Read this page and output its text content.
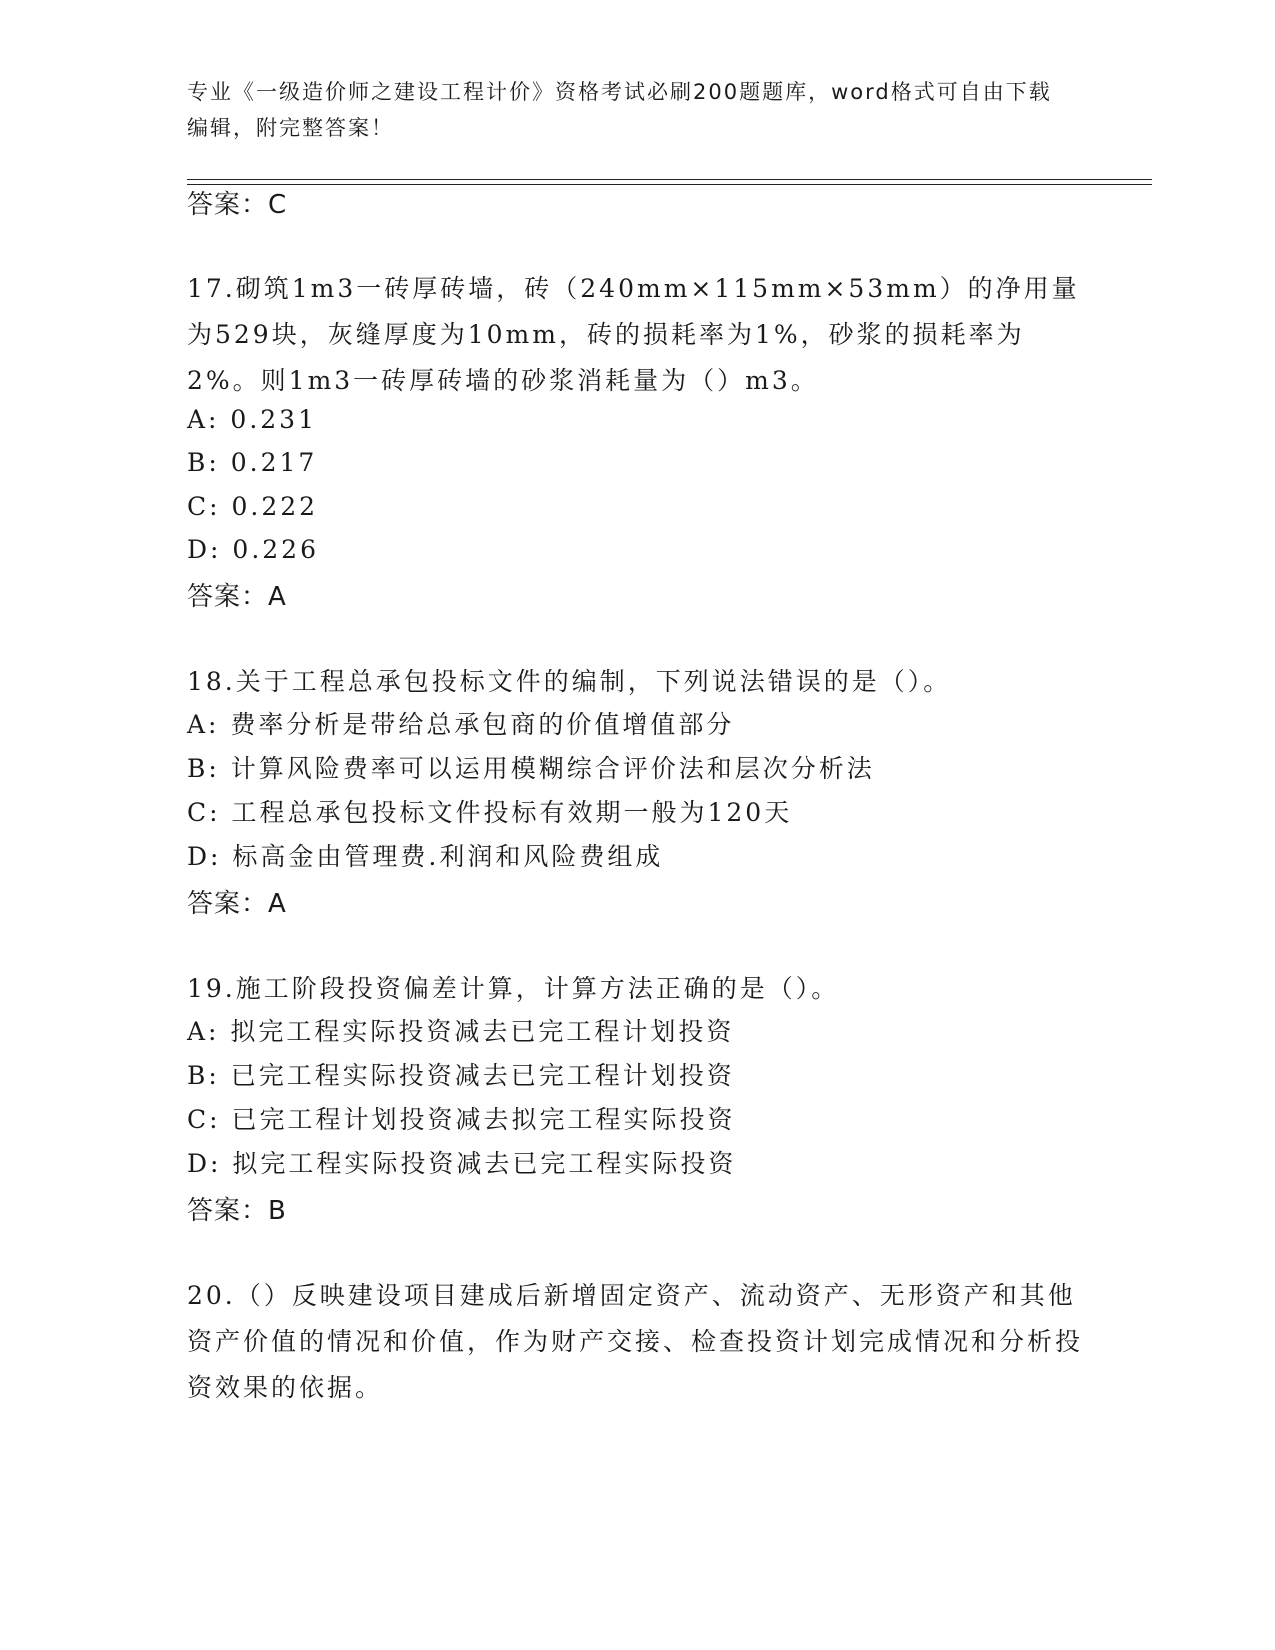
专业《一级造价师之建设工程计价》资格考试必刷200题题库，word格式可自由下载编辑，附完整答案！

答案：C

17.砌筑1m3一砖厚砖墙，砖（240mm×115mm×53mm）的净用量为529块，灰缝厚度为10mm，砖的损耗率为1%，砂浆的损耗率为2%。则1m3一砖厚砖墙的砂浆消耗量为（）m3。

A: 0.231

B: 0.217

C: 0.222

D: 0.226

答案：A

18.关于工程总承包投标文件的编制，下列说法错误的是（）。

A: 费率分析是带给总承包商的价值增值部分

B: 计算风险费率可以运用模糊综合评价法和层次分析法

C: 工程总承包投标文件投标有效期一般为120天

D: 标高金由管理费.利润和风险费组成

答案：A

19.施工阶段投资偏差计算，计算方法正确的是（）。

A: 拟完工程实际投资减去已完工程计划投资

B: 已完工程实际投资减去已完工程计划投资

C: 已完工程计划投资减去拟完工程实际投资

D: 拟完工程实际投资减去已完工程实际投资

答案：B

20.（）反映建设项目建成后新增固定资产、流动资产、无形资产和其他资产价值的情况和价值，作为财产交接、检查投资计划完成情况和分析投资效果的依据。
